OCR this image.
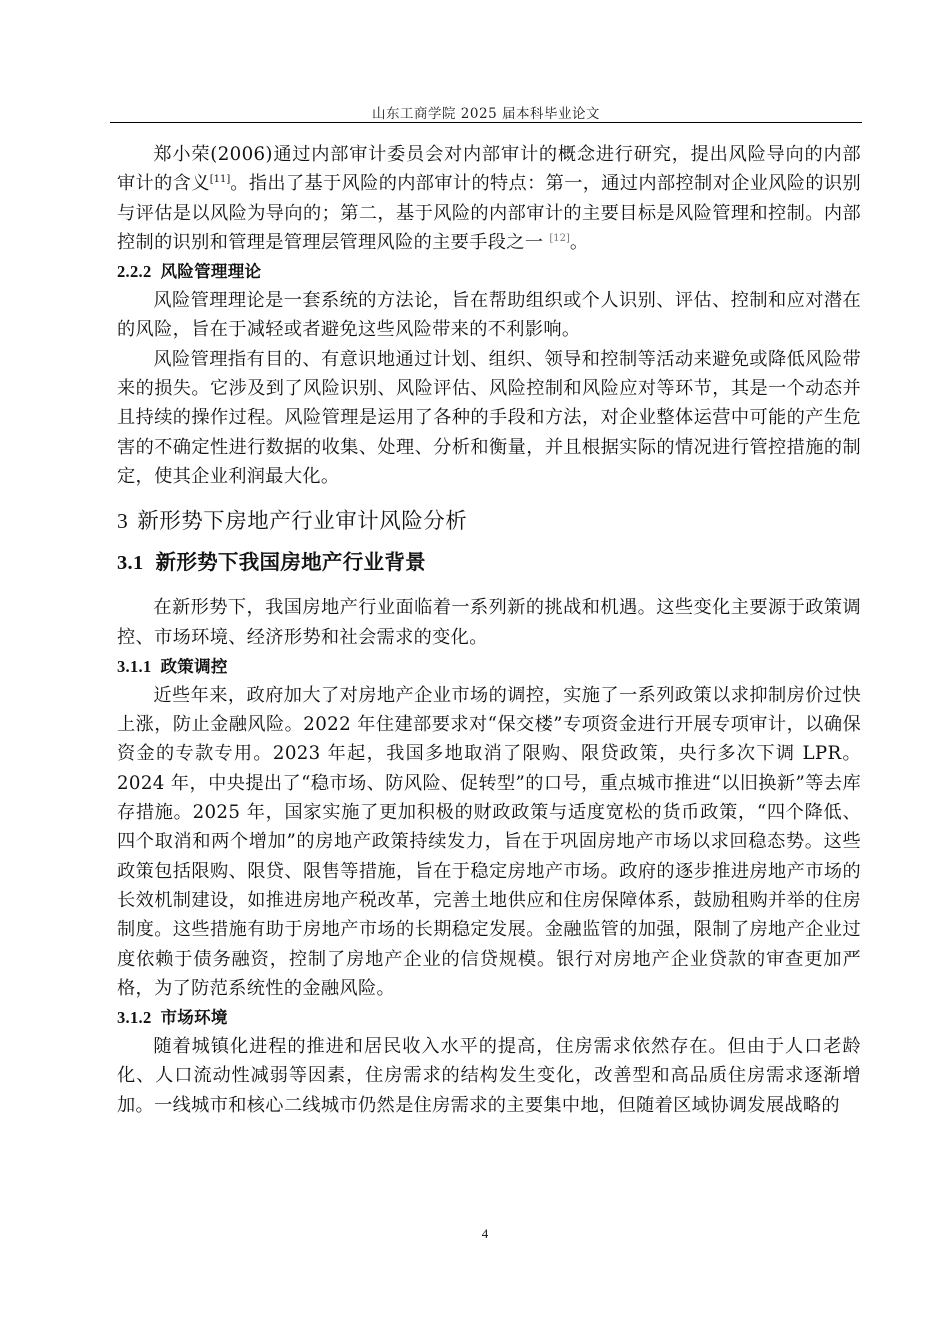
山东工商学院 2025 届本科毕业论文

郑小荣(2006)通过内部审计委员会对内部审计的概念进行研究，提出风险导向的内部审计的含义[11]。指出了基于风险的内部审计的特点：第一，通过内部控制对企业风险的识别与评估是以风险为导向的；第二，基于风险的内部审计的主要目标是风险管理和控制。内部控制的识别和管理是管理层管理风险的主要手段之一 [12]。

2.2.2 风险管理理论

风险管理理论是一套系统的方法论，旨在帮助组织或个人识别、评估、控制和应对潜在的风险，旨在于减轻或者避免这些风险带来的不利影响。

风险管理指有目的、有意识地通过计划、组织、领导和控制等活动来避免或降低风险带来的损失。它涉及到了风险识别、风险评估、风险控制和风险应对等环节，其是一个动态并且持续的操作过程。风险管理是运用了各种的手段和方法，对企业整体运营中可能的产生危害的不确定性进行数据的收集、处理、分析和衡量，并且根据实际的情况进行管控措施的制定，使其企业利润最大化。

3 新形势下房地产行业审计风险分析
3.1 新形势下我国房地产行业背景

在新形势下，我国房地产行业面临着一系列新的挑战和机遇。这些变化主要源于政策调控、市场环境、经济形势和社会需求的变化。

3.1.1 政策调控

近些年来，政府加大了对房地产企业市场的调控，实施了一系列政策以求抑制房价过快上涨，防止金融风险。2022 年住建部要求对“保交楼”专项资金进行开展专项审计，以确保资金的专款专用。2023 年起，我国多地取消了限购、限贷政策，央行多次下调 LPR。2024 年，中央提出了“稳市场、防风险、促转型”的口号，重点城市推进“以旧换新”等去库存措施。2025 年，国家实施了更加积极的财政政策与适度宽松的货币政策，“四个降低、四个取消和两个增加”的房地产政策持续发力，旨在于巩固房地产市场以求回稳态势。这些政策包括限购、限贷、限售等措施，旨在于稳定房地产市场。政府的逐步推进房地产市场的长效机制建设，如推进房地产税改革，完善土地供应和住房保障体系，鼓励租购并举的住房制度。这些措施有助于房地产市场的长期稳定发展。金融监管的加强，限制了房地产企业过度依赖于债务融资，控制了房地产企业的信贷规模。银行对房地产企业贷款的审查更加严格，为了防范系统性的金融风险。

3.1.2 市场环境

随着城镇化进程的推进和居民收入水平的提高，住房需求依然存在。但由于人口老龄化、人口流动性减弱等因素，住房需求的结构发生变化，改善型和高品质住房需求逐渐增加。一线城市和核心二线城市仍然是住房需求的主要集中地，但随着区域协调发展战略的

4
